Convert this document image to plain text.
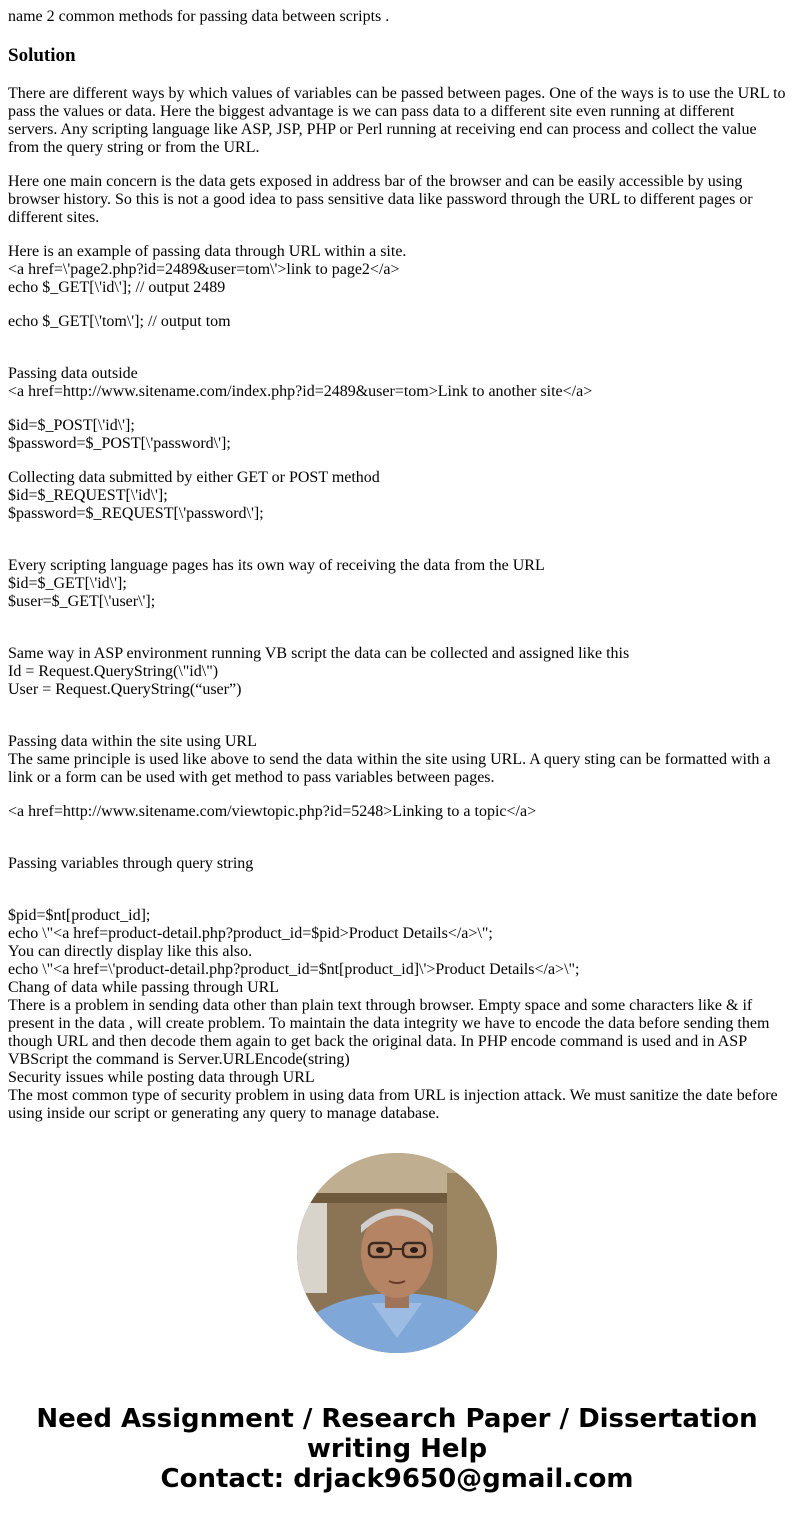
name 2 common methods for passing data between scripts .
Solution
There are different ways by which values of variables can be passed between pages. One of the ways is to use the URL to pass the values or data. Here the biggest advantage is we can pass data to a different site even running at different servers. Any scripting language like ASP, JSP, PHP or Perl running at receiving end can process and collect the value from the query string or from the URL.
Here one main concern is the data gets exposed in address bar of the browser and can be easily accessible by using browser history. So this is not a good idea to pass sensitive data like password through the URL to different pages or different sites.

Here is an example of passing data through URL within a site.

<a href=\'page2.php?id=2489&user=tom\'>link to page2</a>

echo $_GET[\'id\']; // output 2489

echo $_GET[\'tom\']; // output tom

Passing data outside

<a href=http://www.sitename.com/index.php?id=2489&user=tom>Link to another site</a>

$id=$_POST[\'id\'];

$password=$_POST[\'password\'];

Collecting data submitted by either GET or POST method

$id=$_REQUEST[\'id\'];

$password=$_REQUEST[\'password\'];

Every scripting language pages has its own way of receiving the data from the URL

$id=$_GET[\'id\'];

$user=$_GET[\'user\'];

Same way in ASP environment running VB script the data can be collected and assigned like this

Id = Request.QueryString(\"id\")

User = Request.QueryString(“user”)

Passing data within the site using URL

The same principle is used like above to send the data within the site using URL. A query sting can be formatted with a link or a form can be used with get method to pass variables between pages.

<a href=http://www.sitename.com/viewtopic.php?id=5248>Linking to a topic</a>
Passing variables through query string

$pid=$nt[product_id];

echo \"<a href=product-detail.php?product_id=$pid>Product Details</a>\";

You can directly display like this also.

echo \"<a href=\'product-detail.php?product_id=$nt[product_id]\'>Product Details</a>\";

Chang of data while passing through URL

There is a problem in sending data other than plain text through browser. Empty space and some characters like & if present in the data , will create problem. To maintain the data integrity we have to encode the data before sending them though URL and then decode them again to get back the original data. In PHP encode command is used and in ASP VBScript the command is Server.URLEncode(string)

Security issues while posting data through URL

The most common type of security problem in using data from URL is injection attack. We must sanitize the date before using inside our script or generating any query to manage database.

Need Assignment / Research Paper / Dissertation
writing Help
Contact: drjack9650@gmail.com
